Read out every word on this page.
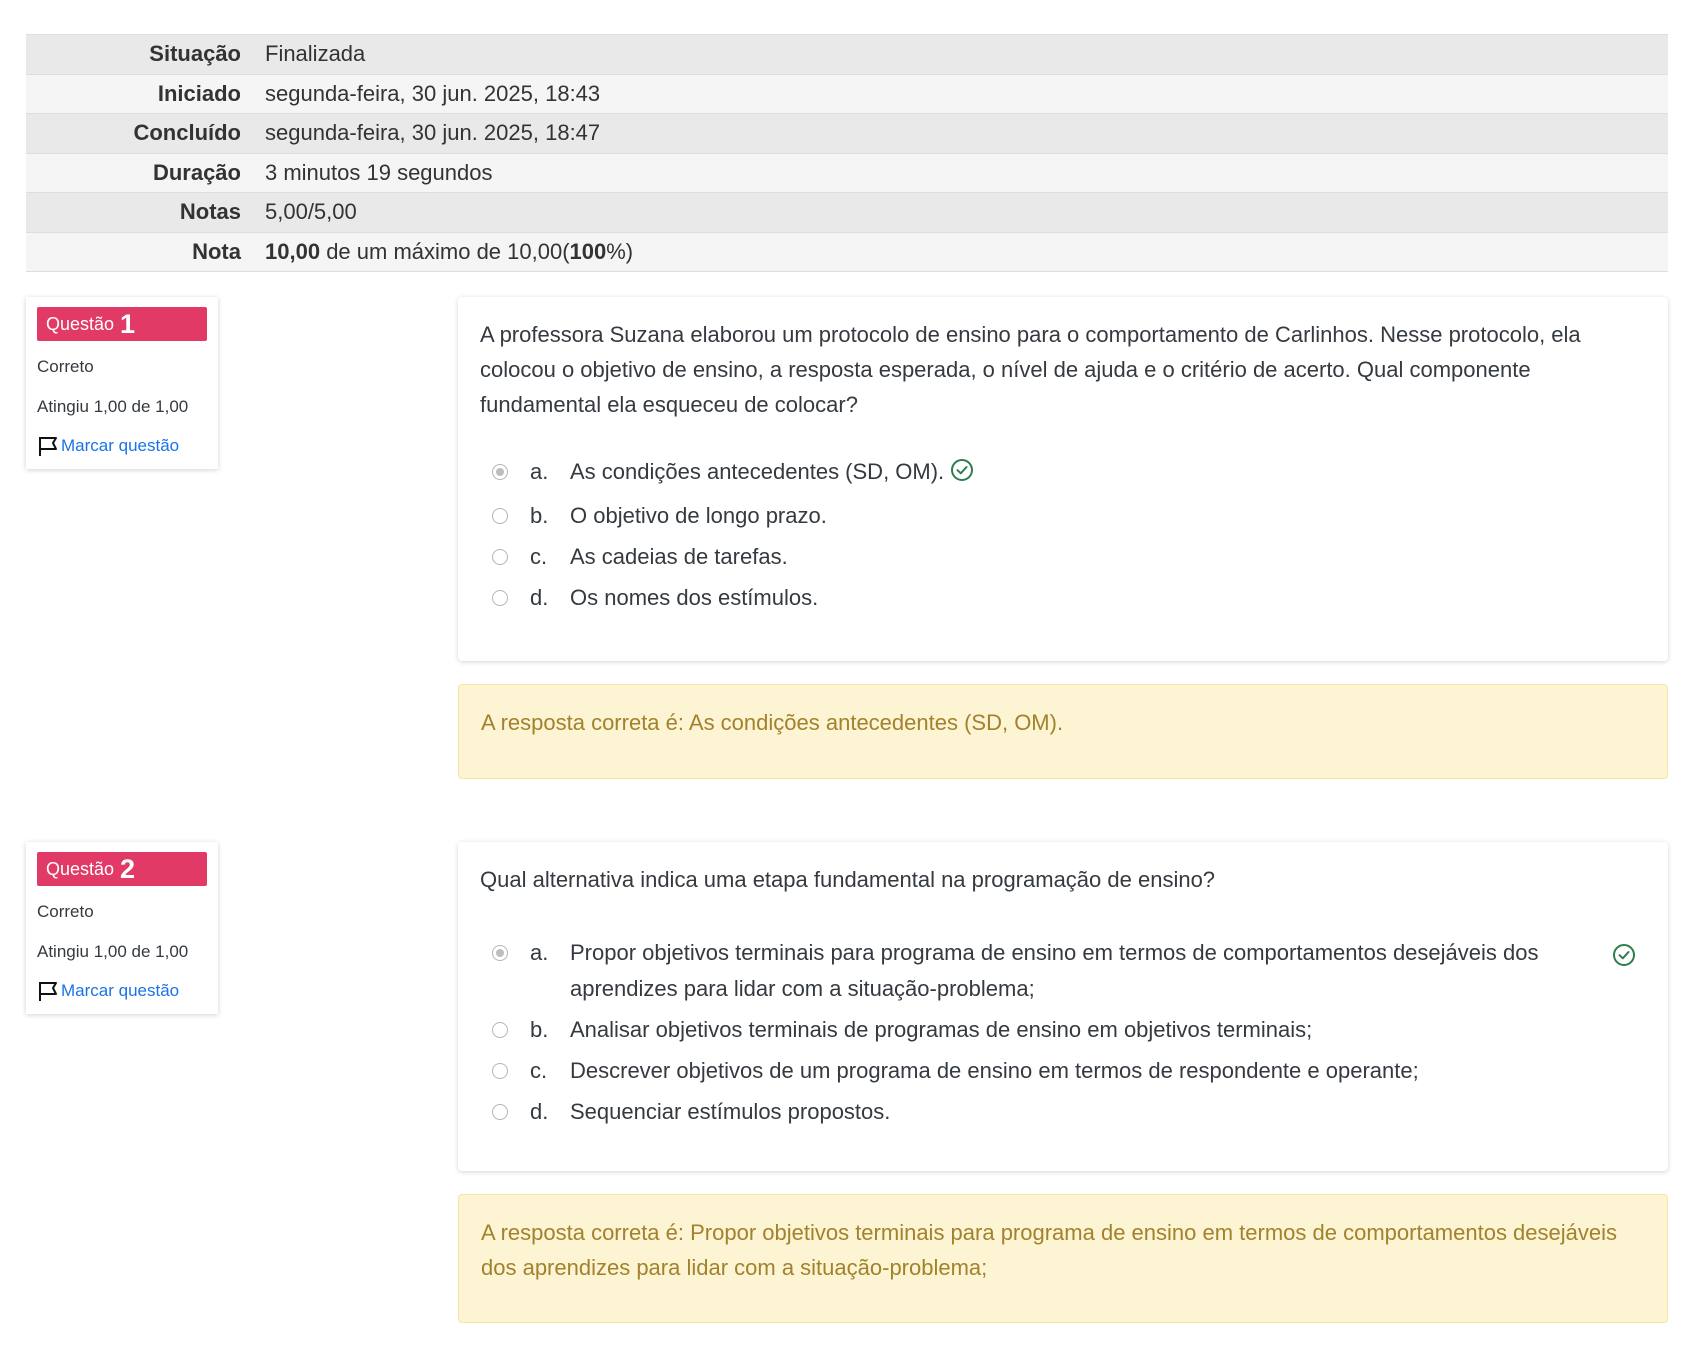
Situação	Finalizada
Iniciado	segunda-feira, 30 jun. 2025, 18:43
Concluído	segunda-feira, 30 jun. 2025, 18:47
Duração	3 minutos 19 segundos
Notas	5,00/5,00
Nota	10,00 de um máximo de 10,00(100%)
Questão 1
Correto
Atingiu 1,00 de 1,00
Marcar questão
A professora Suzana elaborou um protocolo de ensino para o comportamento de Carlinhos. Nesse protocolo, ela colocou o objetivo de ensino, a resposta esperada, o nível de ajuda e o critério de acerto. Qual componente fundamental ela esqueceu de colocar?
a. As condições antecedentes (SD, OM).
b. O objetivo de longo prazo.
c.	As cadeias de tarefas.
d. Os nomes dos estímulos.
A resposta correta é: As condições antecedentes (SD, OM).
Questão 2
Correto
Atingiu 1,00 de 1,00
Marcar questão
Qual alternativa indica uma etapa fundamental na programação de ensino?
a. Propor objetivos terminais para programa de ensino em termos de comportamentos desejáveis dos aprendizes para lidar com a situação-problema;
b. Analisar objetivos terminais de programas de ensino em objetivos terminais;
c.	Descrever objetivos de um programa de ensino em termos de respondente e operante;
d. Sequenciar estímulos propostos.
A resposta correta é: Propor objetivos terminais para programa de ensino em termos de comportamentos desejáveis dos aprendizes para lidar com a situação-problema;
